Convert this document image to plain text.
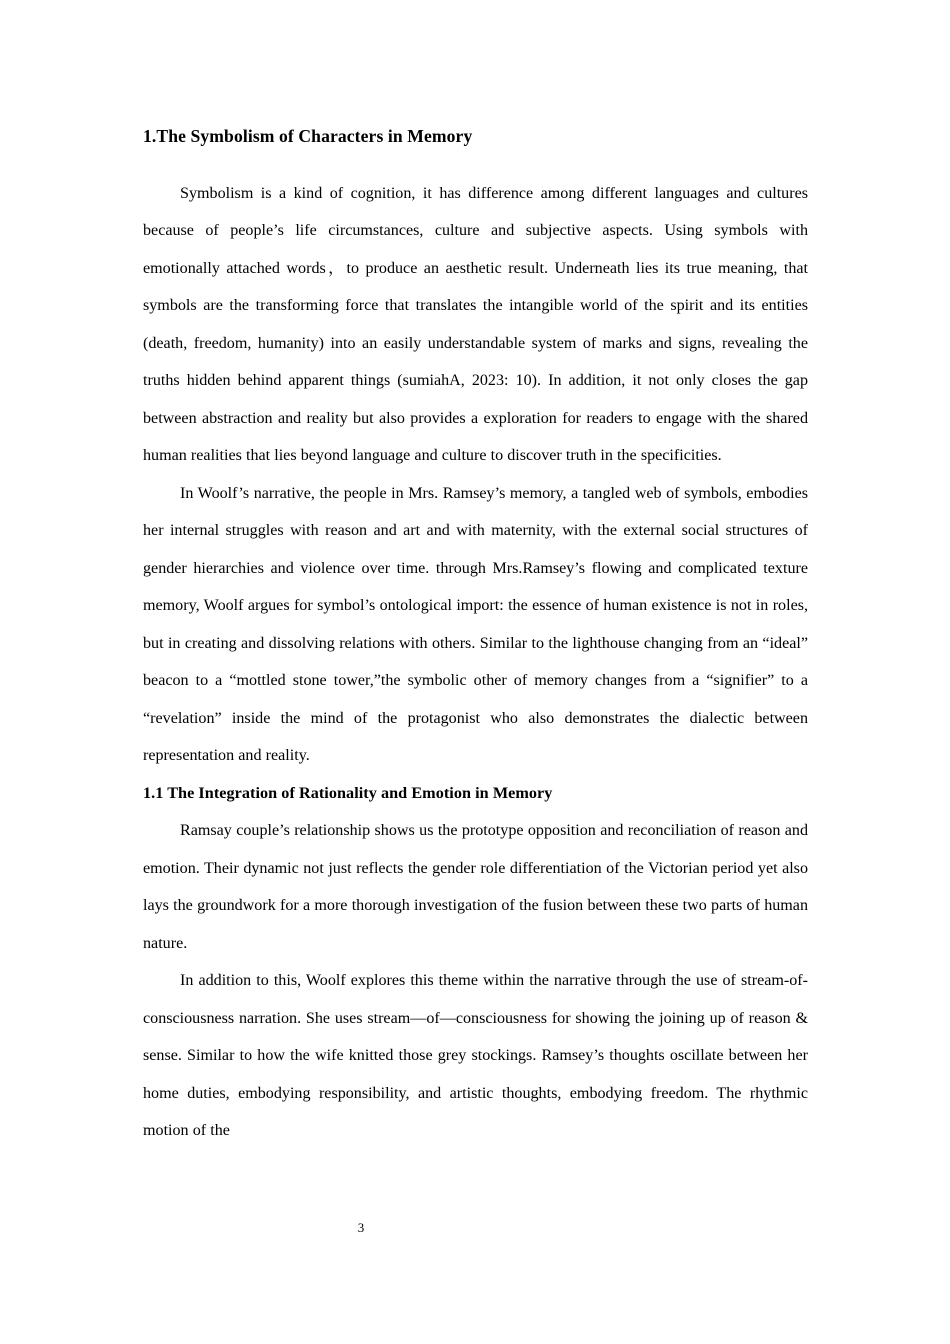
1.The Symbolism of Characters in Memory

Symbolism is a kind of cognition, it has difference among different languages and cultures because of people’s life circumstances, culture and subjective aspects. Using symbols with emotionally attached words，to produce an aesthetic result. Underneath lies its true meaning, that symbols are the transforming force that translates the intangible world of the spirit and its entities (death, freedom, humanity) into an easily understandable system of marks and signs, revealing the truths hidden behind apparent things (sumiahA, 2023: 10). In addition, it not only closes the gap between abstraction and reality but also provides a exploration for readers to engage with the shared human realities that lies beyond language and culture to discover truth in the specificities.

In Woolf’s narrative, the people in Mrs. Ramsey’s memory, a tangled web of symbols, embodies her internal struggles with reason and art and with maternity, with the external social structures of gender hierarchies and violence over time. through Mrs.Ramsey’s flowing and complicated texture memory, Woolf argues for symbol’s ontological import: the essence of human existence is not in roles, but in creating and dissolving relations with others. Similar to the lighthouse changing from an “ideal” beacon to a “mottled stone tower,”the symbolic other of memory changes from a “signifier” to a “revelation” inside the mind of the protagonist who also demonstrates the dialectic between representation and reality.

1.1 The Integration of Rationality and Emotion in Memory

Ramsay couple’s relationship shows us the prototype opposition and reconciliation of reason and emotion. Their dynamic not just reflects the gender role differentiation of the Victorian period yet also lays the groundwork for a more thorough investigation of the fusion between these two parts of human nature.

In addition to this, Woolf explores this theme within the narrative through the use of stream-of-consciousness narration. She uses stream—of—consciousness for showing the joining up of reason & sense. Similar to how the wife knitted those grey stockings. Ramsey’s thoughts oscillate between her home duties, embodying responsibility, and artistic thoughts, embodying freedom. The rhythmic motion of the

3
